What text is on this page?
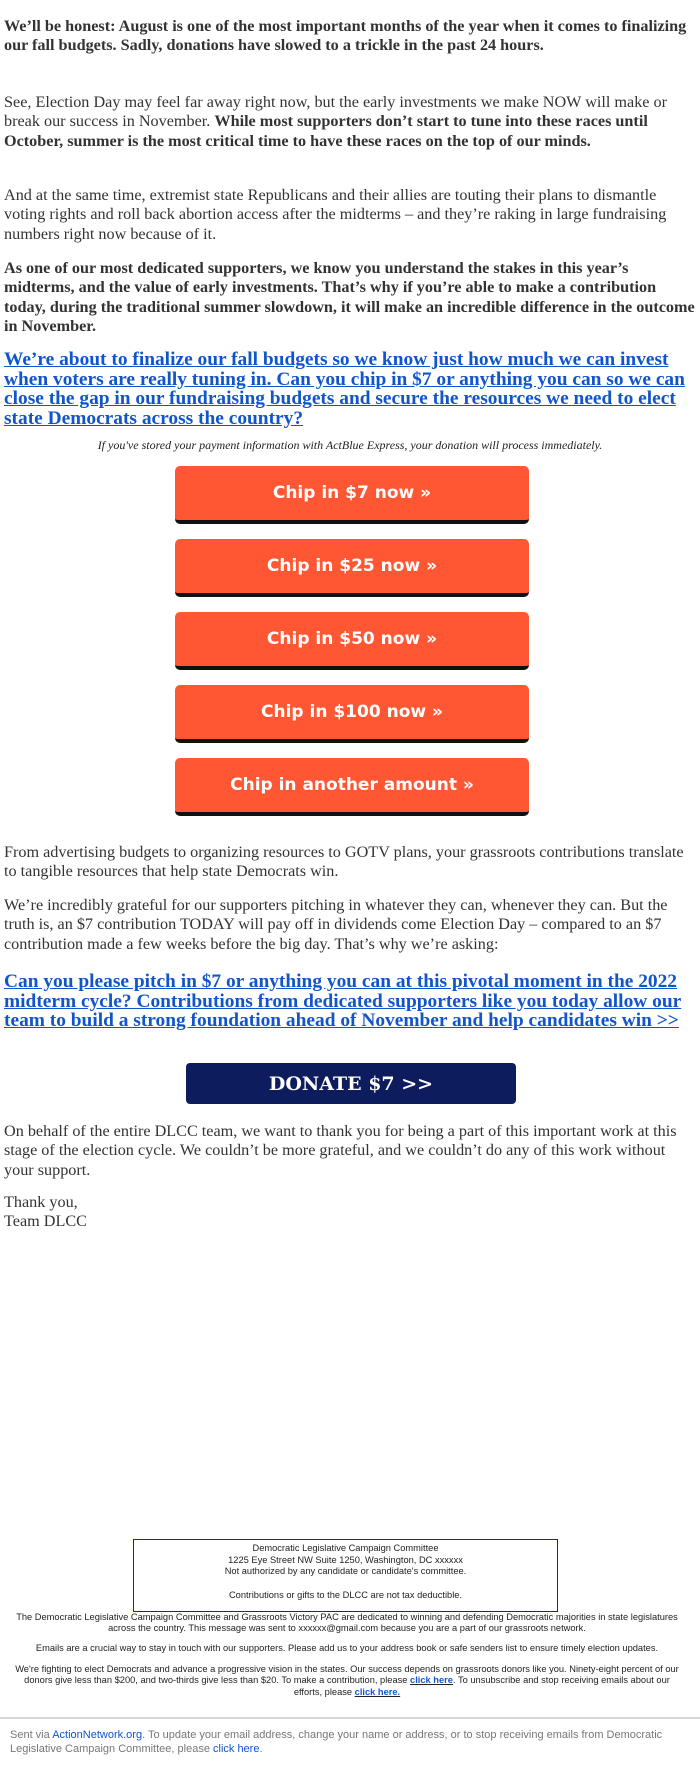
We’ll be honest: August is one of the most important months of the year when it comes to finalizing our fall budgets. Sadly, donations have slowed to a trickle in the past 24 hours.

See, Election Day may feel far away right now, but the early investments we make NOW will make or break our success in November. While most supporters don’t start to tune into these races until October, summer is the most critical time to have these races on the top of our minds.

And at the same time, extremist state Republicans and their allies are touting their plans to dismantle voting rights and roll back abortion access after the midterms – and they’re raking in large fundraising numbers right now because of it.

As one of our most dedicated supporters, we know you understand the stakes in this year’s midterms, and the value of early investments. That’s why if you’re able to make a contribution today, during the traditional summer slowdown, it will make an incredible difference in the outcome in November.

We’re about to finalize our fall budgets so we know just how much we can invest when voters are really tuning in. Can you chip in $7 or anything you can so we can close the gap in our fundraising budgets and secure the resources we need to elect state Democrats across the country?
If you've stored your payment information with ActBlue Express, your donation will process immediately.
Chip in $7 now »
Chip in $25 now »
Chip in $50 now »
Chip in $100 now »
Chip in another amount »

From advertising budgets to organizing resources to GOTV plans, your grassroots contributions translate to tangible resources that help state Democrats win.

We’re incredibly grateful for our supporters pitching in whatever they can, whenever they can. But the truth is, an $7 contribution TODAY will pay off in dividends come Election Day – compared to an $7 contribution made a few weeks before the big day. That’s why we’re asking:

Can you please pitch in $7 or anything you can at this pivotal moment in the 2022 midterm cycle? Contributions from dedicated supporters like you today allow our team to build a strong foundation ahead of November and help candidates win >>
DONATE $7 >>

On behalf of the entire DLCC team, we want to thank you for being a part of this important work at this stage of the election cycle. We couldn’t be more grateful, and we couldn’t do any of this work without your support.

Thank you,
Team DLCC

Democratic Legislative Campaign Committee
1225 Eye Street NW Suite 1250, Washington, DC xxxxxx
Not authorized by any candidate or candidate's committee.
Contributions or gifts to the DLCC are not tax deductible.
The Democratic Legislative Campaign Committee and Grassroots Victory PAC are dedicated to winning and defending Democratic majorities in state legislatures across the country. This message was sent to xxxxxx@gmail.com because you are a part of our grassroots network.
Emails are a crucial way to stay in touch with our supporters. Please add us to your address book or safe senders list to ensure timely election updates.
We're fighting to elect Democrats and advance a progressive vision in the states. Our success depends on grassroots donors like you. Ninety-eight percent of our donors give less than $200, and two-thirds give less than $20. To make a contribution, please click here. To unsubscribe and stop receiving emails about our efforts, please click here.
Sent via ActionNetwork.org. To update your email address, change your name or address, or to stop receiving emails from Democratic Legislative Campaign Committee, please click here.
